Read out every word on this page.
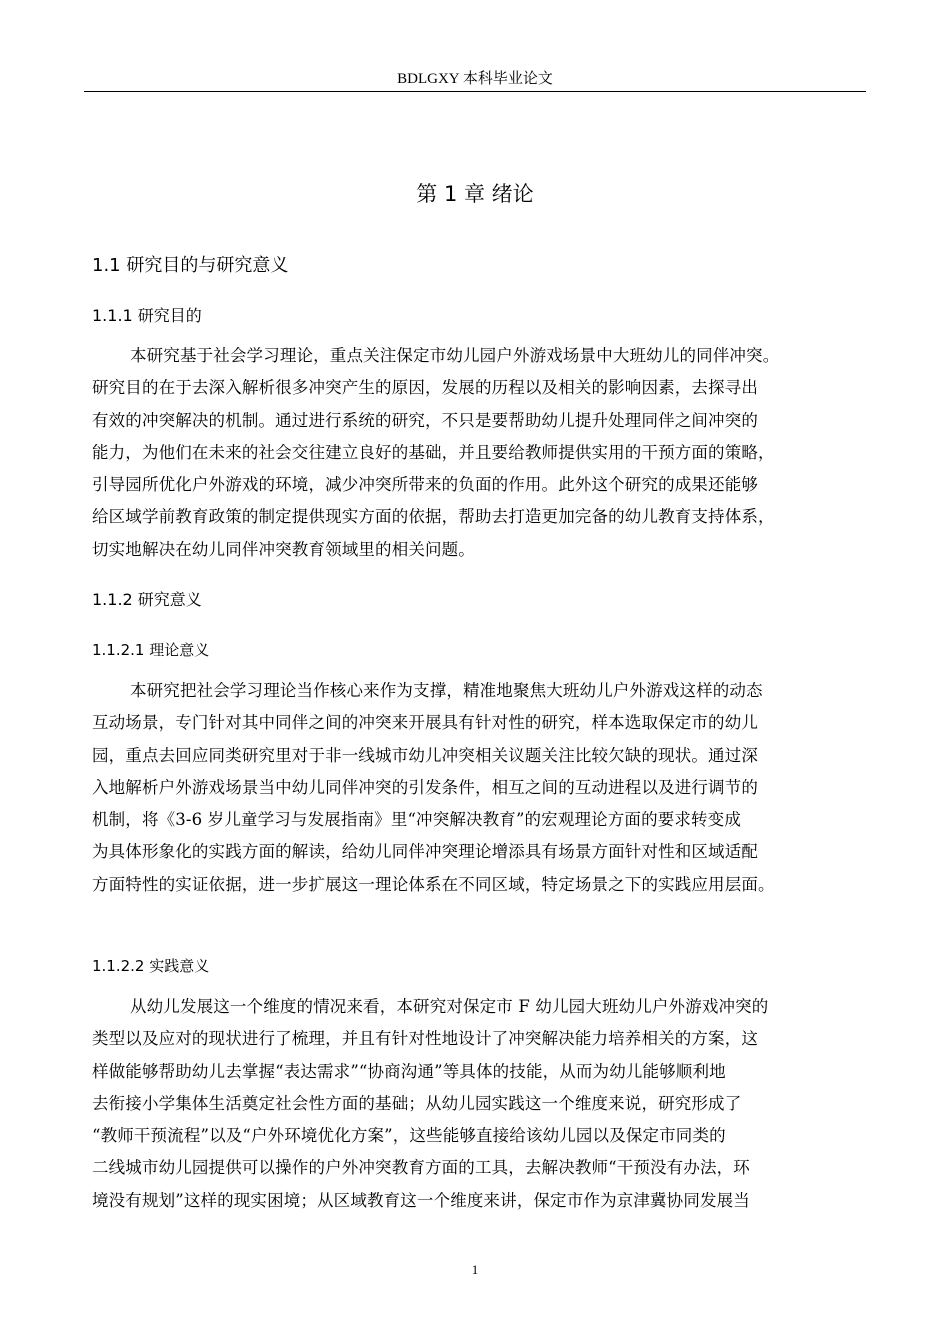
BDLGXY 本科毕业论文
第 1 章 绪论
1.1 研究目的与研究意义
1.1.1 研究目的

本研究基于社会学习理论，重点关注保定市幼儿园户外游戏场景中大班幼儿的同伴冲突。
研究目的在于去深入解析很多冲突产生的原因，发展的历程以及相关的影响因素，去探寻出
有效的冲突解决的机制。通过进行系统的研究，不只是要帮助幼儿提升处理同伴之间冲突的
能力，为他们在未来的社会交往建立良好的基础，并且要给教师提供实用的干预方面的策略，
引导园所优化户外游戏的环境，减少冲突所带来的负面的作用。此外这个研究的成果还能够
给区域学前教育政策的制定提供现实方面的依据，帮助去打造更加完备的幼儿教育支持体系，
切实地解决在幼儿同伴冲突教育领域里的相关问题。

1.1.2 研究意义
1.1.2.1 理论意义

本研究把社会学习理论当作核心来作为支撑，精准地聚焦大班幼儿户外游戏这样的动态
互动场景，专门针对其中同伴之间的冲突来开展具有针对性的研究，样本选取保定市的幼儿
园，重点去回应同类研究里对于非一线城市幼儿冲突相关议题关注比较欠缺的现状。通过深
入地解析户外游戏场景当中幼儿同伴冲突的引发条件，相互之间的互动进程以及进行调节的
机制，将《3-6 岁儿童学习与发展指南》里“冲突解决教育”的宏观理论方面的要求转变成
为具体形象化的实践方面的解读，给幼儿同伴冲突理论增添具有场景方面针对性和区域适配
方面特性的实证依据，进一步扩展这一理论体系在不同区域，特定场景之下的实践应用层面。

1.1.2.2 实践意义

从幼儿发展这一个维度的情况来看，本研究对保定市 F 幼儿园大班幼儿户外游戏冲突的
类型以及应对的现状进行了梳理，并且有针对性地设计了冲突解决能力培养相关的方案，这
样做能够帮助幼儿去掌握“表达需求”“协商沟通”等具体的技能，从而为幼儿能够顺利地
去衔接小学集体生活奠定社会性方面的基础；从幼儿园实践这一个维度来说，研究形成了
“教师干预流程”以及“户外环境优化方案”，这些能够直接给该幼儿园以及保定市同类的
二线城市幼儿园提供可以操作的户外冲突教育方面的工具，去解决教师“干预没有办法，环
境没有规划”这样的现实困境；从区域教育这一个维度来讲，保定市作为京津冀协同发展当

1
